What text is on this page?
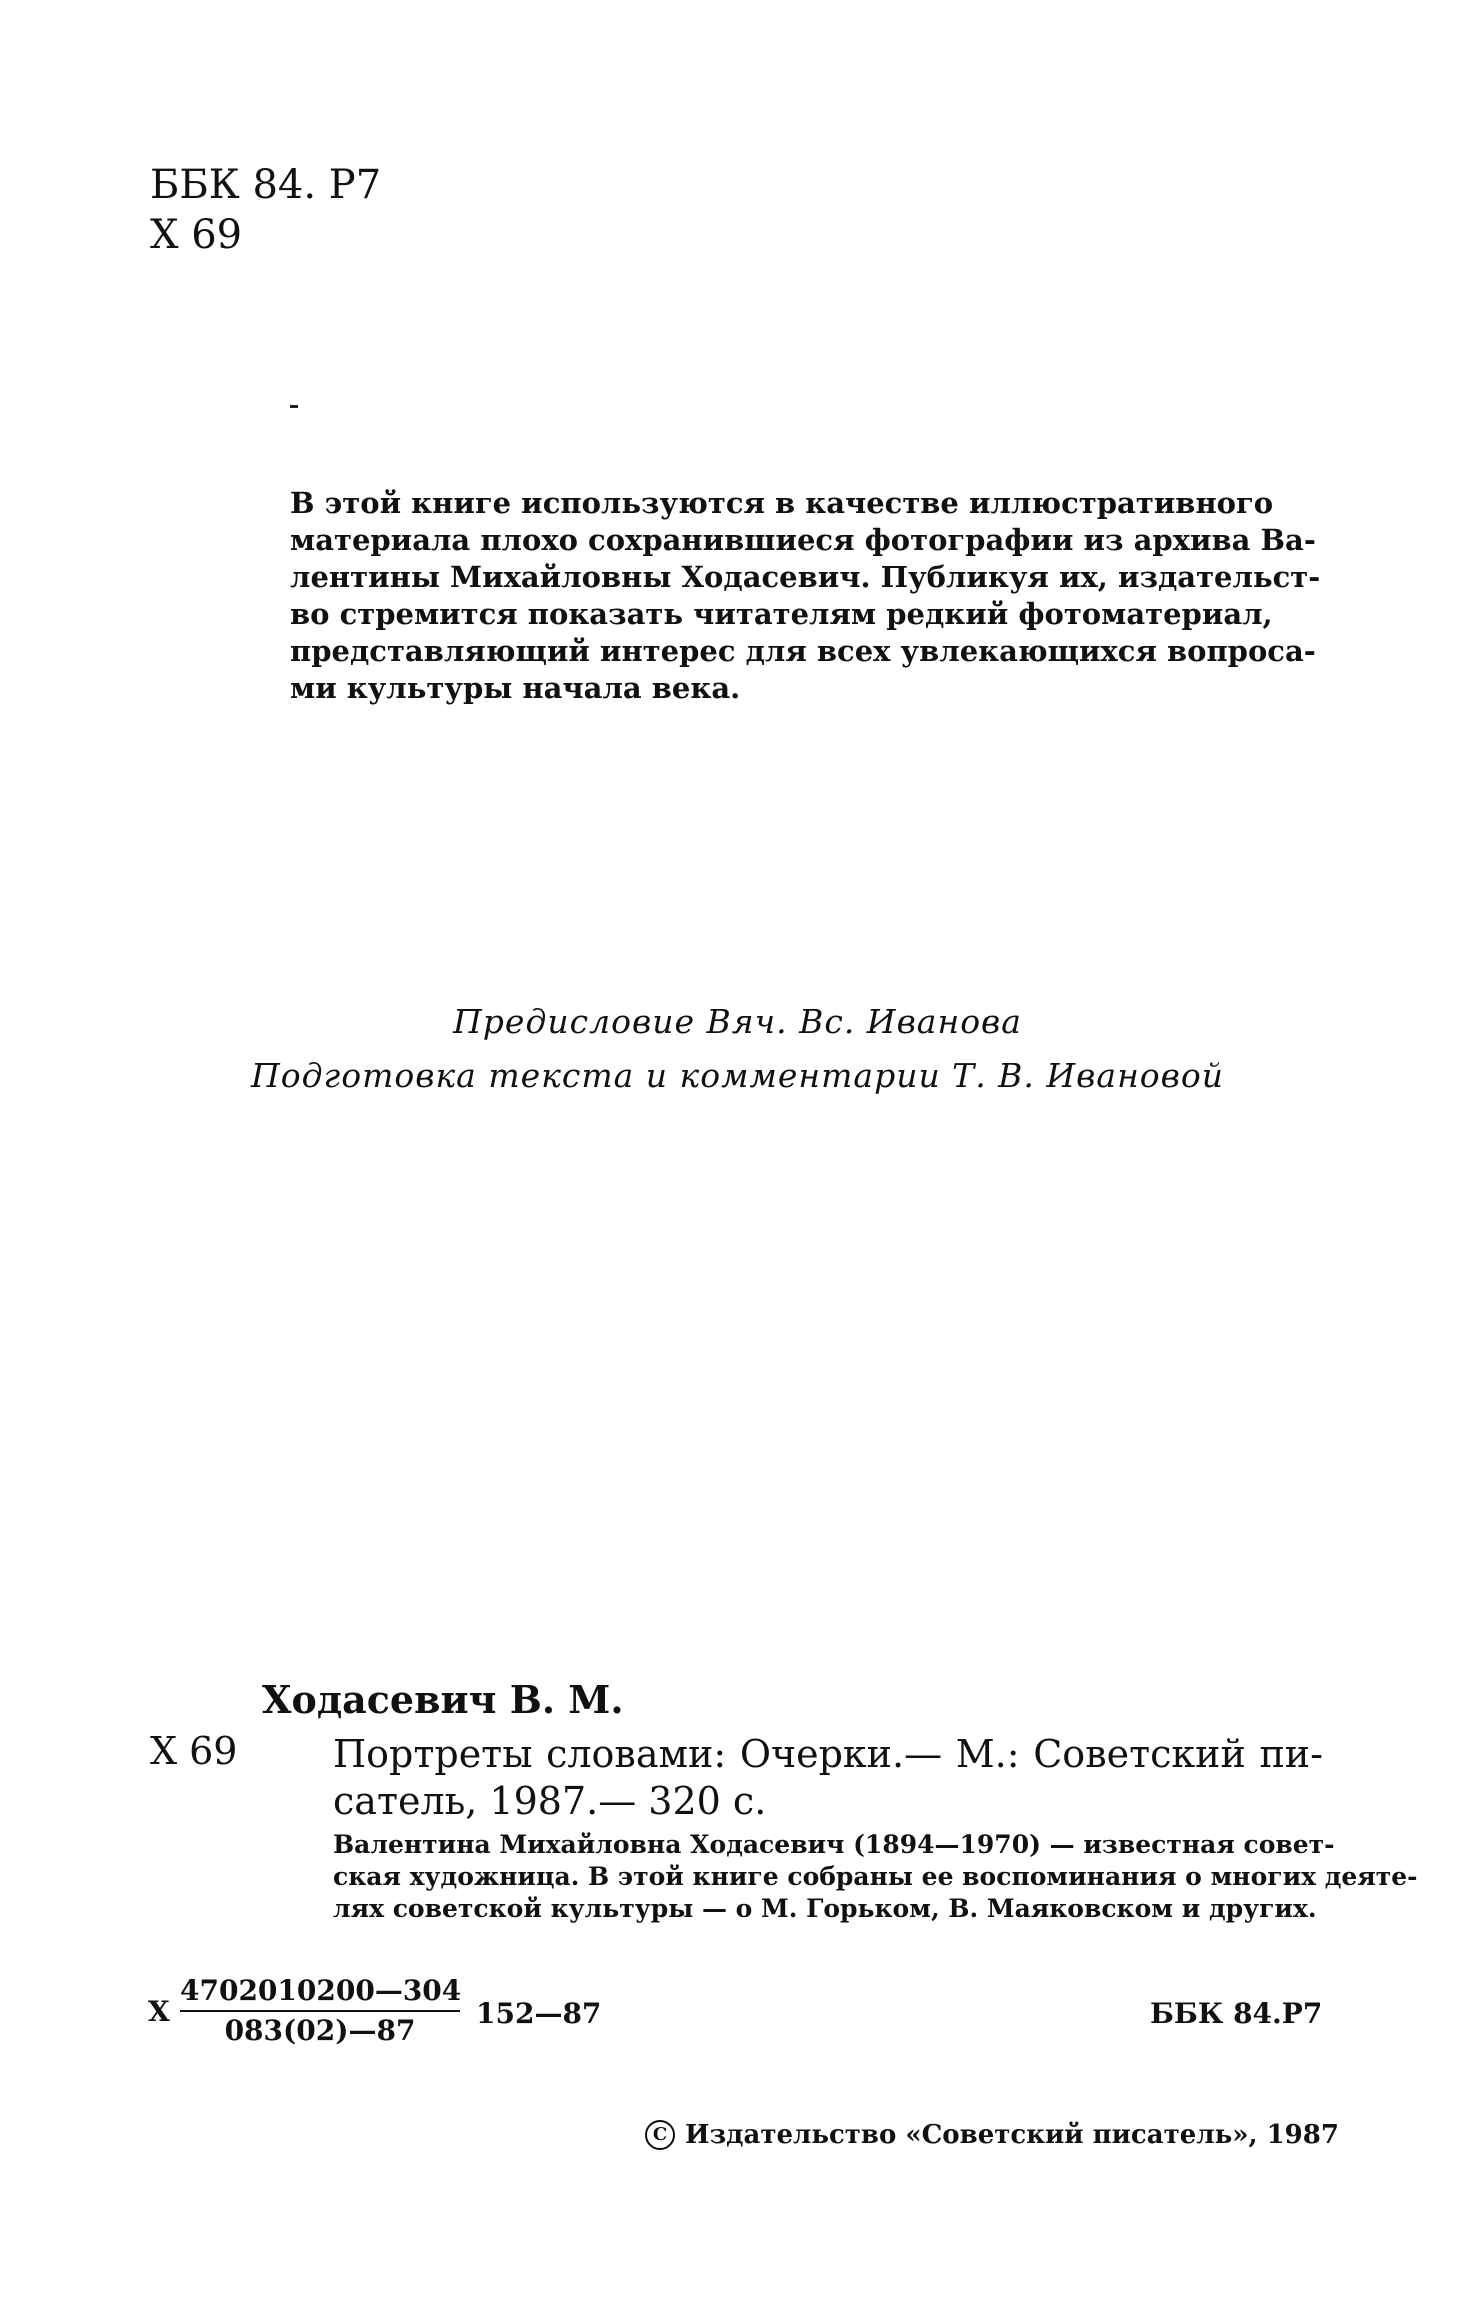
ББК 84. Р7
Х 69
В этой книге используются в качестве иллюстративного
материала плохо сохранившиеся фотографии из архива Ва-
лентины Михайловны Ходасевич. Публикуя их, издательст-
во стремится показать читателям редкий фотоматериал,
представляющий интерес для всех увлекающихся вопроса-
ми культуры начала века.
Предисловие Вяч. Вс. Иванова
Подготовка текста и комментарии Т. В. Ивановой
Ходасевич В. М.
Х 69	Портреты словами: Очерки.— М.: Советский пи-
сатель, 1987.— 320 с.
Валентина Михайловна Ходасевич (1894—1970) — известная совет-
ская художница. В этой книге собраны ее воспоминания о многих деяте-
лях советской культуры — о М. Горьком, В. Маяковском и других.
Х $\frac{4702010200—304}{083(02)—87}$ 152—87	ББК 84.Р7
С Издательство «Советский писатель», 1987
